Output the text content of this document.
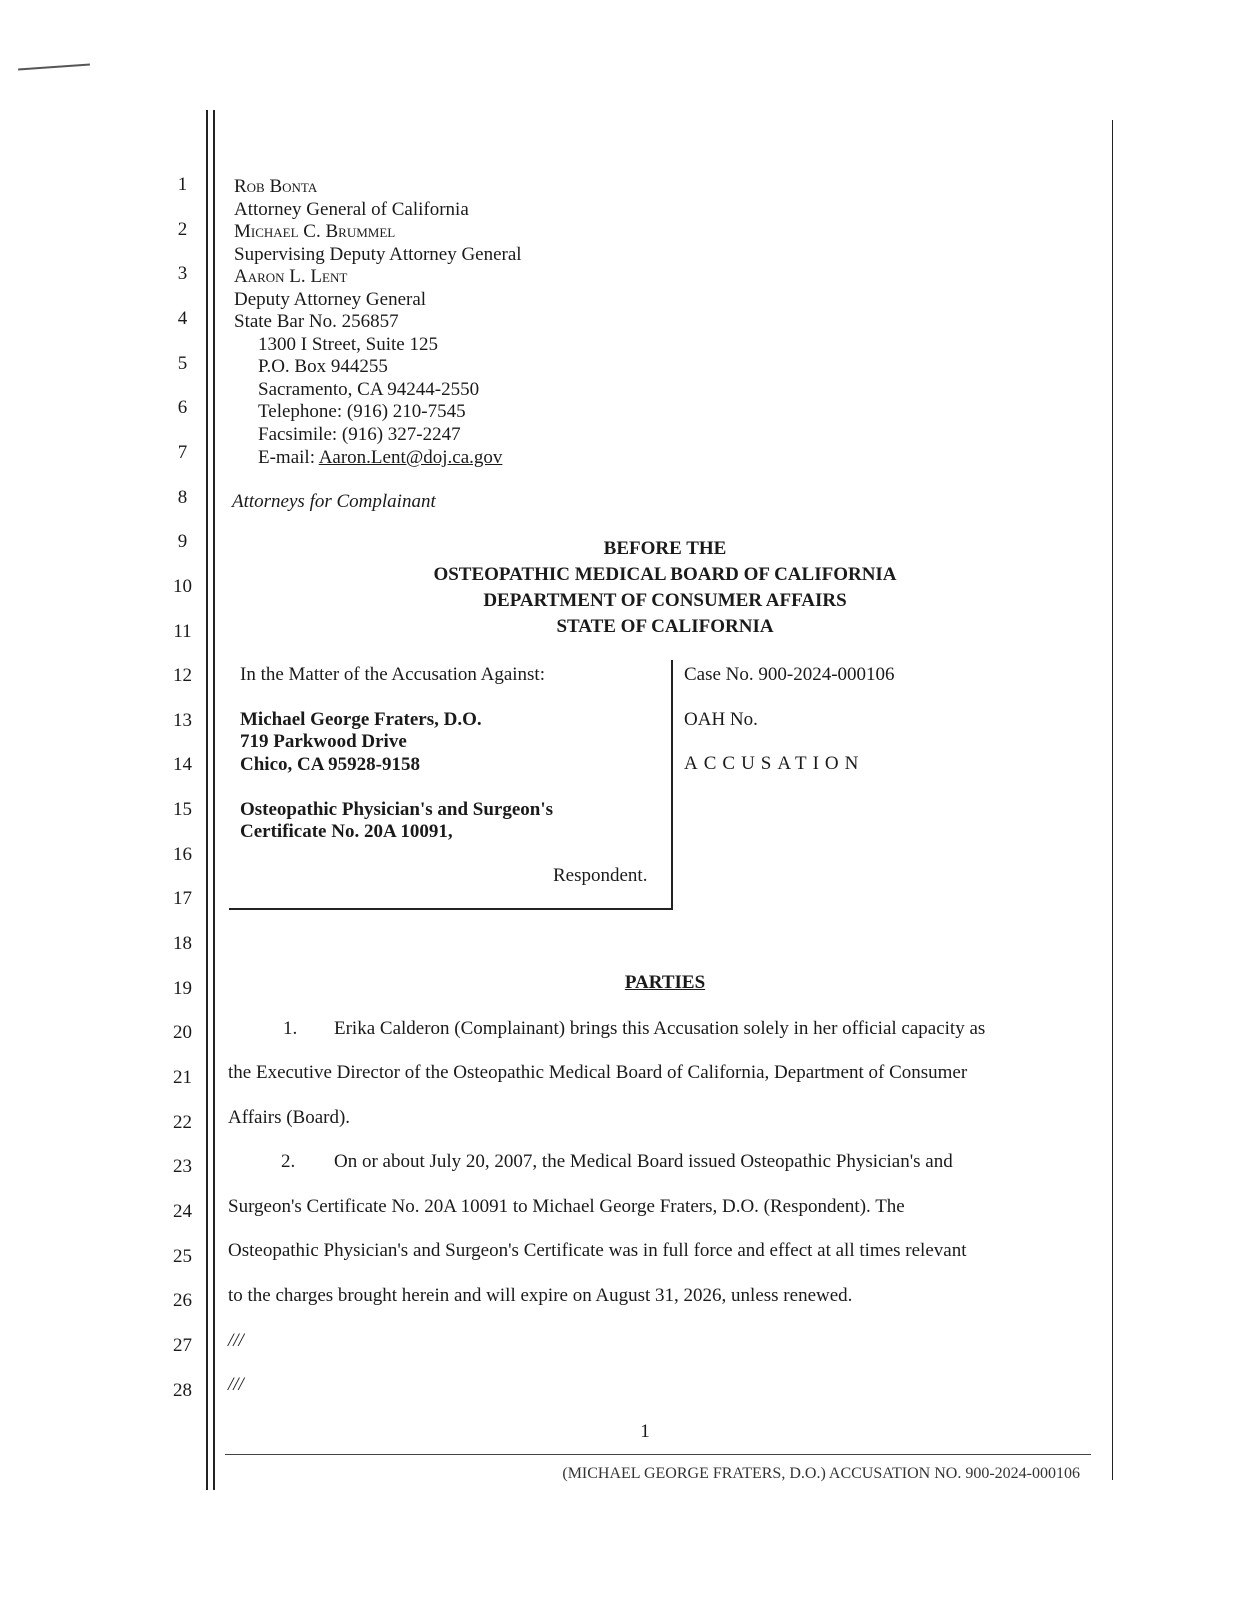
1
2
3
4
5
6
7
8
9
10
11
12
13
14
15
16
17
18
19
20
21
22
23
24
25
26
27
28
Rob Bonta
Attorney General of California
Michael C. Brummel
Supervising Deputy Attorney General
Aaron L. Lent
Deputy Attorney General
State Bar No. 256857
1300 I Street, Suite 125
P.O. Box 944255
Sacramento, CA 94244-2550
Telephone: (916) 210-7545
Facsimile: (916) 327-2247
E-mail: Aaron.Lent@doj.ca.gov
Attorneys for Complainant
BEFORE THE
OSTEOPATHIC MEDICAL BOARD OF CALIFORNIA
DEPARTMENT OF CONSUMER AFFAIRS
STATE OF CALIFORNIA
In the Matter of the Accusation Against:
Michael George Fraters, D.O.
719 Parkwood Drive
Chico, CA 95928-9158
Osteopathic Physician's and Surgeon's
Certificate No. 20A 10091,
Respondent.
Case No. 900-2024-000106
OAH No.
ACCUSATION
PARTIES
1. Erika Calderon (Complainant) brings this Accusation solely in her official capacity as
the Executive Director of the Osteopathic Medical Board of California, Department of Consumer
Affairs (Board).
2. On or about July 20, 2007, the Medical Board issued Osteopathic Physician's and
Surgeon's Certificate No. 20A 10091 to Michael George Fraters, D.O. (Respondent). The
Osteopathic Physician's and Surgeon's Certificate was in full force and effect at all times relevant
to the charges brought herein and will expire on August 31, 2026, unless renewed.
///
///
1
(MICHAEL GEORGE FRATERS, D.O.) ACCUSATION NO. 900-2024-000106
